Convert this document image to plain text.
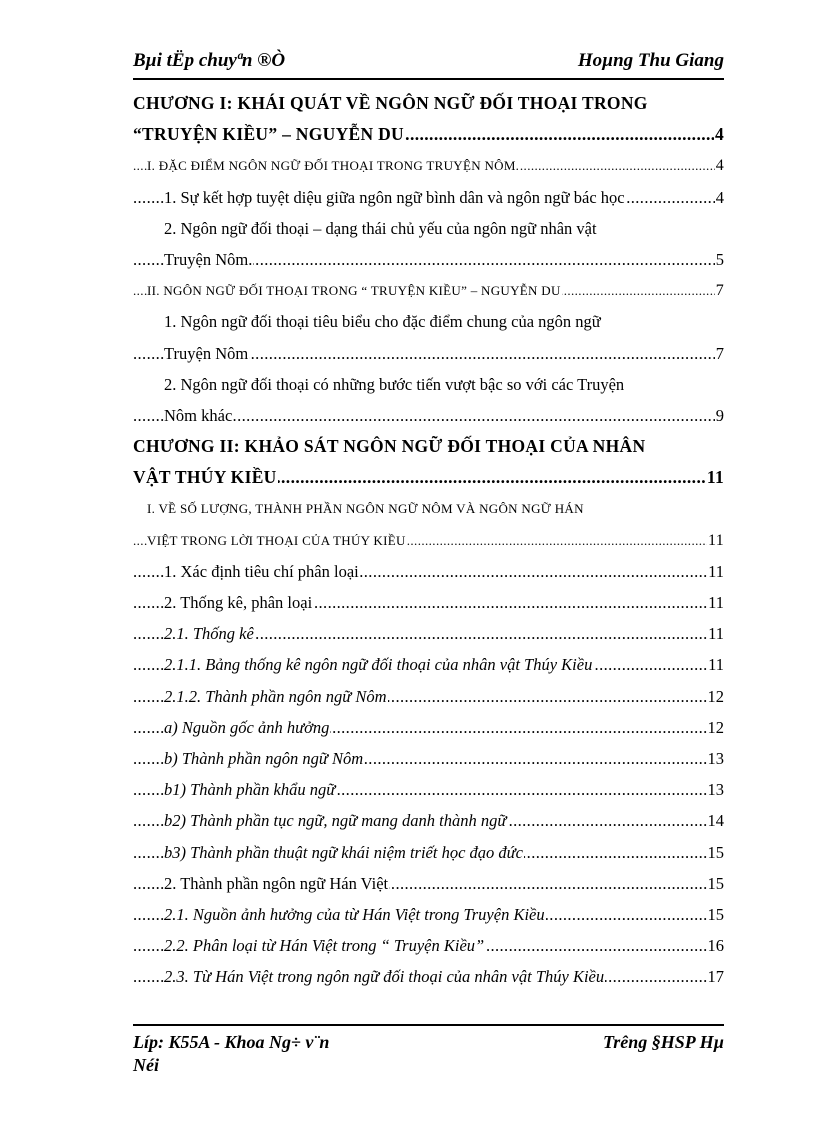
Bµi tËp chuyªn ®Ò	Hoµng Thu Giang
CHƯƠNG I: KHÁI QUÁT VỀ NGÔN NGỮ ĐỐI THOẠI TRONG
..... “TRUYỆN KIỀU” – NGUYỄN DU	4
..... I. ĐẶC ĐIỂM NGÔN NGỮ ĐỐI THOẠI TRONG TRUYỆN NÔM.	4
..... 1. Sự kết hợp tuyệt diệu giữa ngôn ngữ bình dân và ngôn ngữ bác học	4
2. Ngôn ngữ đối thoại – dạng thái chủ yếu của ngôn ngữ nhân vật
..... Truyện Nôm.	5
..... II. NGÔN NGỮ ĐỐI THOẠI TRONG “ TRUYỆN KIỀU” – NGUYỄN DU	7
1. Ngôn ngữ đối thoại tiêu biểu cho đặc điểm chung của ngôn ngữ
..... Truyện Nôm	7
2. Ngôn ngữ đối thoại có những bước tiến vượt bậc so với các Truyện
..... Nôm khác	9
CHƯƠNG II: KHẢO SÁT NGÔN NGỮ ĐỐI THOẠI CỦA NHÂN
..... VẬT THÚY KIỀU	11
I. VỀ SỐ LƯỢNG, THÀNH PHẦN NGÔN NGỮ NÔM VÀ NGÔN NGỮ HÁN
..... VIỆT TRONG LỜI THOẠI CỦA THÚY KIỀU	11
..... 1. Xác định tiêu chí phân loại	11
..... 2. Thống kê, phân loại	11
..... 2.1. Thống kê	11
..... 2.1.1. Bảng thống kê ngôn ngữ đối thoại của nhân vật Thúy Kiều	11
..... 2.1.2. Thành phần ngôn ngữ Nôm	12
..... a) Nguồn gốc ảnh hưởng	12
..... b) Thành phần ngôn ngữ Nôm	13
..... b1) Thành phần khẩu ngữ	13
..... b2) Thành phần tục ngữ, ngữ mang danh thành ngữ	14
..... b3) Thành phần thuật ngữ khái niệm triết học đạo đức	15
..... 2. Thành phần ngôn ngữ Hán Việt	15
..... 2.1. Nguồn ảnh hưởng của từ Hán Việt trong Truyện Kiều	15
..... 2.2. Phân loại từ Hán Việt trong “ Truyện Kiều”	16
..... 2.3. Từ Hán Việt trong ngôn ngữ đối thoại của nhân vật Thúy Kiều	17
Líp: K55A - Khoa Ng÷ v¨n	Trêng §HSP Hµ
Néi
